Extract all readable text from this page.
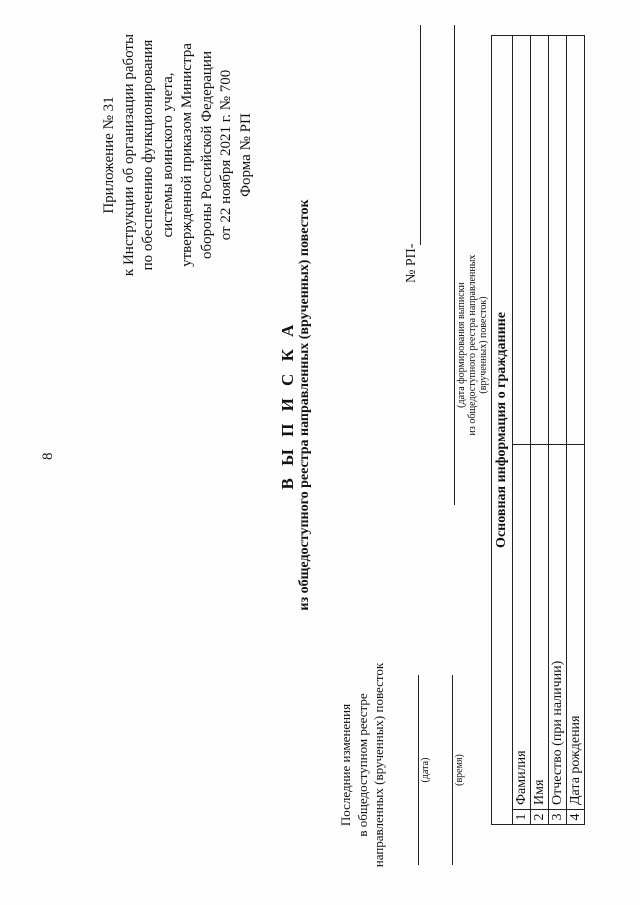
8
Приложение № 31 к Инструкции об организации работы по обеспечению функционирования системы воинского учета, утвержденной приказом Министра обороны Российской Федерации от 22 ноября 2021 г. № 700 Форма № РП
В Ы П И С К А из общедоступного реестра направленных (врученных) повесток
Последние изменения в общедоступном реестре направленных (врученных) повесток	(дата) (время)
№ РП-
(дата формирования выписки из общедоступного реестра направленных (врученных) повесток) Основная информация о гражданине		
1	Фамилия	
2	Имя	
3	Отчество (при наличии)	
4	Дата рождения	
